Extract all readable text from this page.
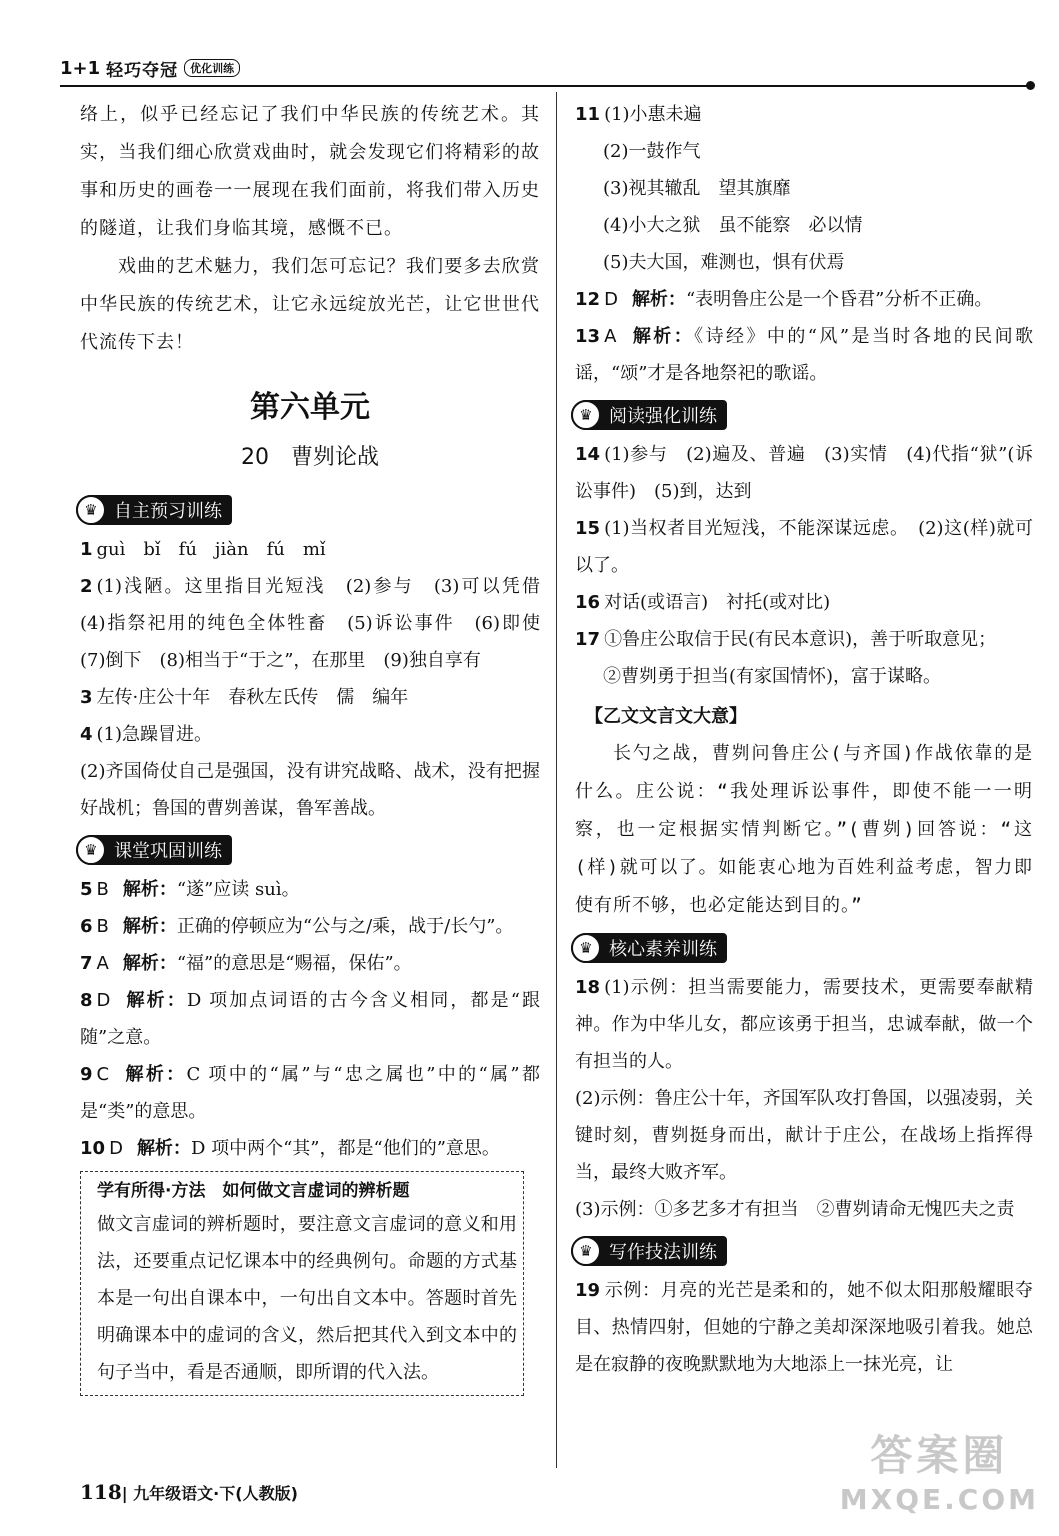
1+1 轻巧夺冠	优化训练
络上，似乎已经忘记了我们中华民族的传统艺术。其实，当我们细心欣赏戏曲时，就会发现它们将精彩的故事和历史的画卷一一展现在我们面前，将我们带入历史的隧道，让我们身临其境，感慨不已。
戏曲的艺术魅力，我们怎可忘记？我们要多去欣赏中华民族的传统艺术，让它永远绽放光芒，让它世世代代流传下去！
第六单元
20　曹刿论战
♛ 自主预习训练
1 guì　bǐ　fú　jiàn　fú　mǐ
2 (1)浅陋。这里指目光短浅　(2)参与　(3)可以凭借　(4)指祭祀用的纯色全体牲畜　(5)诉讼事件　(6)即使　(7)倒下　(8)相当于“于之”，在那里　(9)独自享有
3 左传·庄公十年　春秋左氏传　儒　编年
4 (1)急躁冒进。
(2)齐国倚仗自己是强国，没有讲究战略、战术，没有把握好战机；鲁国的曹刿善谋，鲁军善战。
♛ 课堂巩固训练
5 B 解析：“遂”应读 suì。
6 B 解析：正确的停顿应为“公与之/乘，战于/长勺”。
7 A 解析：“福”的意思是“赐福，保佑”。
8 D 解析：D 项加点词语的古今含义相同，都是“跟随”之意。
9 C 解析：C 项中的“属”与“忠之属也”中的“属”都是“类”的意思。
10 D 解析：D 项中两个“其”，都是“他们的”意思。
学有所得·方法　如何做文言虚词的辨析题
做文言虚词的辨析题时，要注意文言虚词的意义和用法，还要重点记忆课本中的经典例句。命题的方式基本是一句出自课本中，一句出自文本中。答题时首先明确课本中的虚词的含义，然后把其代入到文本中的句子当中，看是否通顺，即所谓的代入法。
11 (1)小惠未遍
(2)一鼓作气
(3)视其辙乱　望其旗靡
(4)小大之狱　虽不能察　必以情
(5)夫大国，难测也，惧有伏焉
12 D 解析：“表明鲁庄公是一个昏君”分析不正确。
13 A 解析：《诗经》中的“风”是当时各地的民间歌谣，“颂”才是各地祭祀的歌谣。
♛ 阅读强化训练
14 (1)参与　(2)遍及、普遍　(3)实情　(4)代指“狱”(诉讼事件)　(5)到，达到
15 (1)当权者目光短浅，不能深谋远虑。　(2)这(样)就可以了。
16 对话(或语言)　衬托(或对比)
17 ①鲁庄公取信于民(有民本意识)，善于听取意见；
②曹刿勇于担当(有家国情怀)，富于谋略。
【乙文文言文大意】
长勺之战，曹刿问鲁庄公(与齐国)作战依靠的是什么。庄公说：“我处理诉讼事件，即使不能一一明察，也一定根据实情判断它。”(曹刿)回答说：“这(样)就可以了。如能衷心地为百姓利益考虑，智力即使有所不够，也必定能达到目的。”
♛ 核心素养训练
18 (1)示例：担当需要能力，需要技术，更需要奉献精神。作为中华儿女，都应该勇于担当，忠诚奉献，做一个有担当的人。
(2)示例：鲁庄公十年，齐国军队攻打鲁国，以强凌弱，关键时刻，曹刿挺身而出，献计于庄公，在战场上指挥得当，最终大败齐军。
(3)示例：①多艺多才有担当　②曹刿请命无愧匹夫之责
♛ 写作技法训练
19 示例：月亮的光芒是柔和的，她不似太阳那般耀眼夺目、热情四射，但她的宁静之美却深深地吸引着我。她总是在寂静的夜晚默默地为大地添上一抹光亮，让
118| 九年级语文·下(人教版)
答案圈
MXQE.COM
